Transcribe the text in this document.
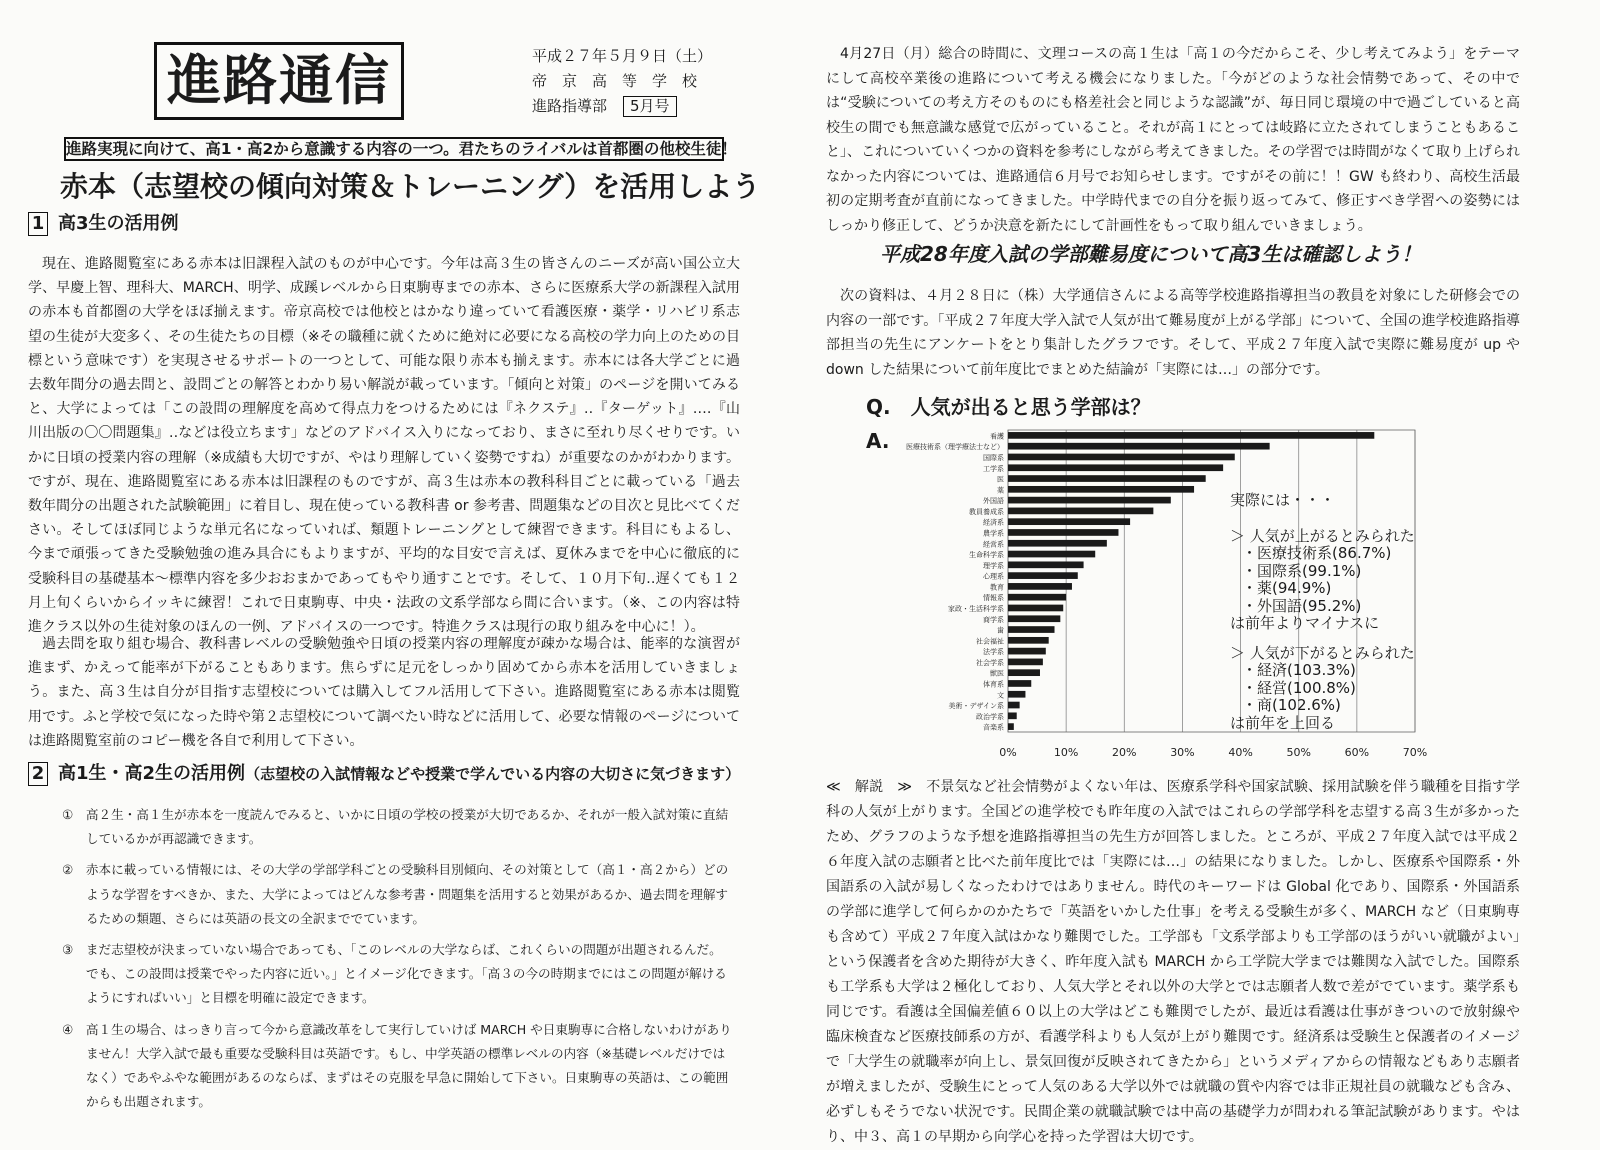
進路通信	平成２７年５月９日（土）
帝　京　高　等　学　校
進路指導部 5月号
進路実現に向けて、高1・高2から意識する内容の一つ。君たちのライバルは首都圏の他校生徒！
赤本（志望校の傾向対策＆トレーニング）を活用しよう
1 高3生の活用例
現在、進路閲覧室にある赤本は旧課程入試のものが中心です。今年は高３生の皆さんのニーズが高い国公立大学、早慶上智、理科大、MARCH、明学、成蹊レベルから日東駒専までの赤本、さらに医療系大学の新課程入試用の赤本も首都圏の大学をほぼ揃えます。帝京高校では他校とはかなり違っていて看護医療・薬学・リハビリ系志望の生徒が大変多く、その生徒たちの目標（※その職種に就くために絶対に必要になる高校の学力向上のための目標という意味です）を実現させるサポートの一つとして、可能な限り赤本も揃えます。赤本には各大学ごとに過去数年間分の過去問と、設問ごとの解答とわかり易い解説が載っています。「傾向と対策」のページを開いてみると、大学によっては「この設問の理解度を高めて得点力をつけるためには『ネクステ』‥『ターゲット』‥‥『山川出版の〇〇問題集』‥などは役立ちます」などのアドバイス入りになっており、まさに至れり尽くせりです。いかに日頃の授業内容の理解（※成績も大切ですが、やはり理解していく姿勢ですね）が重要なのかがわかります。ですが、現在、進路閲覧室にある赤本は旧課程のものですが、高３生は赤本の教科科目ごとに載っている「過去数年間分の出題された試験範囲」に着目し、現在使っている教科書 or 参考書、問題集などの目次と見比べてください。そしてほぼ同じような単元名になっていれば、類題トレーニングとして練習できます。科目にもよるし、今まで頑張ってきた受験勉強の進み具合にもよりますが、平均的な目安で言えば、夏休みまでを中心に徹底的に受験科目の基礎基本～標準内容を多少おおまかであってもやり通すことです。そして、１０月下旬‥遅くても１２月上旬くらいからイッキに練習！これで日東駒専、中央・法政の文系学部なら間に合います。（※、この内容は特進クラス以外の生徒対象のほんの一例、アドバイスの一つです。特進クラスは現行の取り組みを中心に！）。
過去問を取り組む場合、教科書レベルの受験勉強や日頃の授業内容の理解度が疎かな場合は、能率的な演習が進まず、かえって能率が下がることもあります。焦らずに足元をしっかり固めてから赤本を活用していきましょう。また、高３生は自分が目指す志望校については購入してフル活用して下さい。進路閲覧室にある赤本は閲覧用です。ふと学校で気になった時や第２志望校について調べたい時などに活用して、必要な情報のページについては進路閲覧室前のコピー機を各自で利用して下さい。
2 高1生・高2生の活用例（志望校の入試情報などや授業で学んでいる内容の大切さに気づきます）
①　高２生・高１生が赤本を一度読んでみると、いかに日頃の学校の授業が大切であるか、それが一般入試対策に直結しているかが再認識できます。
②　赤本に載っている情報には、その大学の学部学科ごとの受験科目別傾向、その対策として（高１・高２から）どのような学習をすべきか、また、大学によってはどんな参考書・問題集を活用すると効果があるか、過去問を理解するための類題、さらには英語の長文の全訳まででています。
③　まだ志望校が決まっていない場合であっても、「このレベルの大学ならば、これくらいの問題が出題されるんだ。でも、この設問は授業でやった内容に近い。」とイメージ化できます。「高３の今の時期までにはこの問題が解けるようにすればいい」と目標を明確に設定できます。
④　高１生の場合、はっきり言って今から意識改革をして実行していけば MARCH や日東駒専に合格しないわけがありません！大学入試で最も重要な受験科目は英語です。もし、中学英語の標準レベルの内容（※基礎レベルだけではなく）であやふやな範囲があるのならば、まずはその克服を早急に開始して下さい。日東駒専の英語は、この範囲からも出題されます。
4月27日（月）総合の時間に、文理コースの高１生は「高１の今だからこそ、少し考えてみよう」をテーマにして高校卒業後の進路について考える機会になりました。「今がどのような社会情勢であって、その中では“受験についての考え方そのものにも格差社会と同じような認識”が、毎日同じ環境の中で過ごしていると高校生の間でも無意識な感覚で広がっていること。それが高１にとっては岐路に立たされてしまうこともあること」、これについていくつかの資料を参考にしながら考えてきました。その学習では時間がなくて取り上げられなかった内容については、進路通信６月号でお知らせします。ですがその前に！！GW も終わり、高校生活最初の定期考査が直前になってきました。中学時代までの自分を振り返ってみて、修正すべき学習への姿勢にはしっかり修正して、どうか決意を新たにして計画性をもって取り組んでいきましょう。
平成28年度入試の学部難易度について高3生は確認しよう！
次の資料は、４月２８日に（株）大学通信さんによる高等学校進路指導担当の教員を対象にした研修会での内容の一部です。「平成２７年度大学入試で人気が出て難易度が上がる学部」について、全国の進学校進路指導部担当の先生にアンケートをとり集計したグラフです。そして、平成２７年度入試で実際に難易度が up や down した結果について前年度比でまとめた結論が「実際には…」の部分です。
Q.　人気が出ると思う学部は？
A.
0%	10%	20%	30%	40%	50%	60%	70%
看護
医療技術系（理学療法士など）
国際系
工学系
医
薬
外国語
教員養成系
経済系
農学系
経営系
生命科学系
理学系
心理系
教育
情報系
家政・生活科学系
商学系
歯
社会福祉
法学系
社会学系
獣医
体育系
文
美術・デザイン系
政治学系
音楽系
実際には・・・
＞ 人気が上がるとみられた
・医療技術系(86.7%)
・国際系(99.1%)
・薬(94.9%)
・外国語(95.2%)
は前年よりマイナスに
＞ 人気が下がるとみられた
・経済(103.3%)
・経営(100.8%)
・商(102.6%)
は前年を上回る
≪　解説　≫　不景気など社会情勢がよくない年は、医療系学科や国家試験、採用試験を伴う職種を目指す学科の人気が上がります。全国どの進学校でも昨年度の入試ではこれらの学部学科を志望する高３生が多かったため、グラフのような予想を進路指導担当の先生方が回答しました。ところが、平成２７年度入試では平成２６年度入試の志願者と比べた前年度比では「実際には…」の結果になりました。しかし、医療系や国際系・外国語系の入試が易しくなったわけではありません。時代のキーワードは Global 化であり、国際系・外国語系の学部に進学して何らかのかたちで「英語をいかした仕事」を考える受験生が多く、MARCH など（日東駒専も含めて）平成２７年度入試はかなり難関でした。工学部も「文系学部よりも工学部のほうがいい就職がよい」という保護者を含めた期待が大きく、昨年度入試も MARCH から工学院大学までは難関な入試でした。国際系も工学系も大学は２極化しており、人気大学とそれ以外の大学とでは志願者人数で差がでています。薬学系も同じです。看護は全国偏差値６０以上の大学はどこも難関でしたが、最近は看護は仕事がきついので放射線や臨床検査など医療技師系の方が、看護学科よりも人気が上がり難関です。経済系は受験生と保護者のイメージで「大学生の就職率が向上し、景気回復が反映されてきたから」というメディアからの情報などもあり志願者が増えましたが、受験生にとって人気のある大学以外では就職の質や内容では非正規社員の就職なども含み、必ずしもそうでない状況です。民間企業の就職試験では中高の基礎学力が問われる筆記試験があります。やはり、中３、高１の早期から向学心を持った学習は大切です。
